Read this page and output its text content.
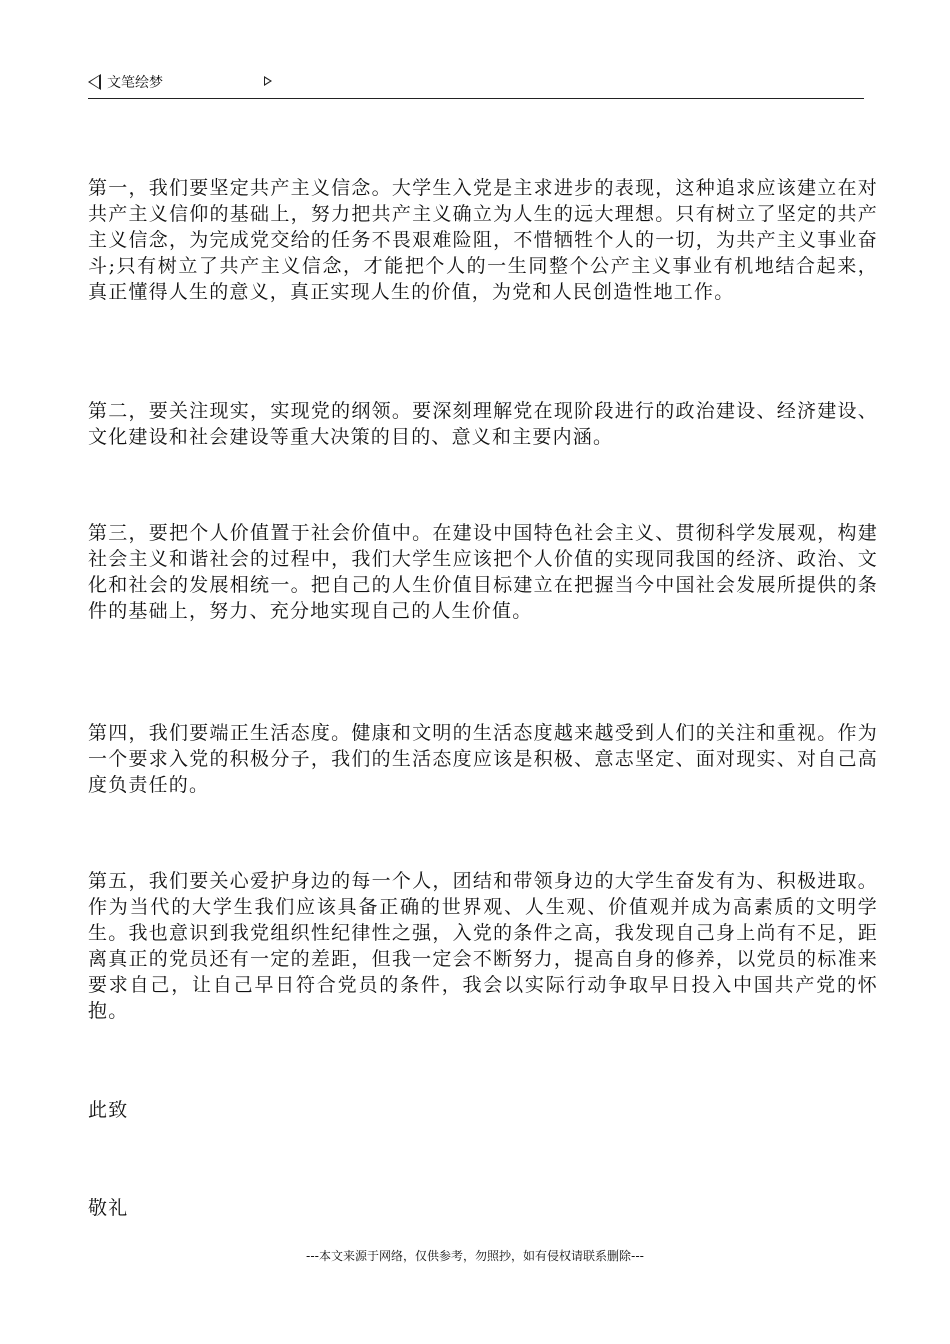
文笔绘梦

第一，我们要坚定共产主义信念。大学生入党是主求进步的表现，这种追求应该建立在对共产主义信仰的基础上，努力把共产主义确立为人生的远大理想。只有树立了坚定的共产主义信念，为完成党交给的任务不畏艰难险阻，不惜牺牲个人的一切，为共产主义事业奋斗;只有树立了共产主义信念，才能把个人的一生同整个公产主义事业有机地结合起来，真正懂得人生的意义，真正实现人生的价值，为党和人民创造性地工作。

第二，要关注现实，实现党的纲领。要深刻理解党在现阶段进行的政治建设、经济建设、文化建设和社会建设等重大决策的目的、意义和主要内涵。

第三，要把个人价值置于社会价值中。在建设中国特色社会主义、贯彻科学发展观，构建社会主义和谐社会的过程中，我们大学生应该把个人价值的实现同我国的经济、政治、文化和社会的发展相统一。把自己的人生价值目标建立在把握当今中国社会发展所提供的条件的基础上，努力、充分地实现自己的人生价值。

第四，我们要端正生活态度。健康和文明的生活态度越来越受到人们的关注和重视。作为一个要求入党的积极分子，我们的生活态度应该是积极、意志坚定、面对现实、对自己高度负责任的。

第五，我们要关心爱护身边的每一个人，团结和带领身边的大学生奋发有为、积极进取。作为当代的大学生我们应该具备正确的世界观、人生观、价值观并成为高素质的文明学生。我也意识到我党组织性纪律性之强，入党的条件之高，我发现自己身上尚有不足，距离真正的党员还有一定的差距，但我一定会不断努力，提高自身的修养，以党员的标准来要求自己，让自己早日符合党员的条件，我会以实际行动争取早日投入中国共产党的怀抱。

此致

敬礼

---本文来源于网络，仅供参考，勿照抄，如有侵权请联系删除---
